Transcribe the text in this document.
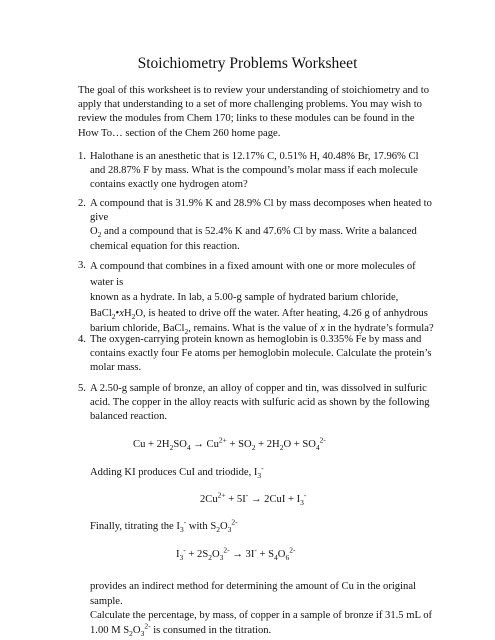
Stoichiometry Problems Worksheet
The goal of this worksheet is to review your understanding of stoichiometry and to apply that understanding to a set of more challenging problems. You may wish to review the modules from Chem 170; links to these modules can be found in the How To… section of the Chem 260 home page.
1. Halothane is an anesthetic that is 12.17% C, 0.51% H, 40.48% Br, 17.96% Cl and 28.87% F by mass. What is the compound’s molar mass if each molecule contains exactly one hydrogen atom?
2. A compound that is 31.9% K and 28.9% Cl by mass decomposes when heated to give
$O_2$ and a compound that is 52.4% K and 47.6% Cl by mass. Write a balanced
chemical equation for this reaction.
3. A compound that combines in a fixed amount with one or more molecules of water is
known as a hydrate. In lab, a 5.00-g sample of hydrated barium chloride,
$BaCl_2•xH_2O$, is heated to drive off the water. After heating, 4.26 g of anhydrous
barium chloride, BaCl$_2$, remains. What is the value of x in the hydrate’s formula?
4. The oxygen-carrying protein known as hemoglobin is 0.335% Fe by mass and contains exactly four Fe atoms per hemoglobin molecule. Calculate the protein’s molar mass.
5. A 2.50-g sample of bronze, an alloy of copper and tin, was dissolved in sulfuric acid. The copper in the alloy reacts with sulfuric acid as shown by the following balanced reaction.
$Cu + 2H_2SO_4 \to Cu^{2+} + SO_2 + 2H_2O + SO_4^{2-}$
Adding KI produces CuI and triodide, $I_3^-$
$2Cu^{2+} + 5I^- \to 2CuI + I_3^-$
Finally, titrating the $I_3^-$ with $S_2O_3^{2-}$
$I_3^- + 2S_2O_3^{2-} \to 3I^- + S_4O_6^{2-}$
provides an indirect method for determining the amount of Cu in the original sample.
Calculate the percentage, by mass, of copper in a sample of bronze if 31.5 mL of
1.00 M $S_2O_3^{2-}$ is consumed in the titration.
